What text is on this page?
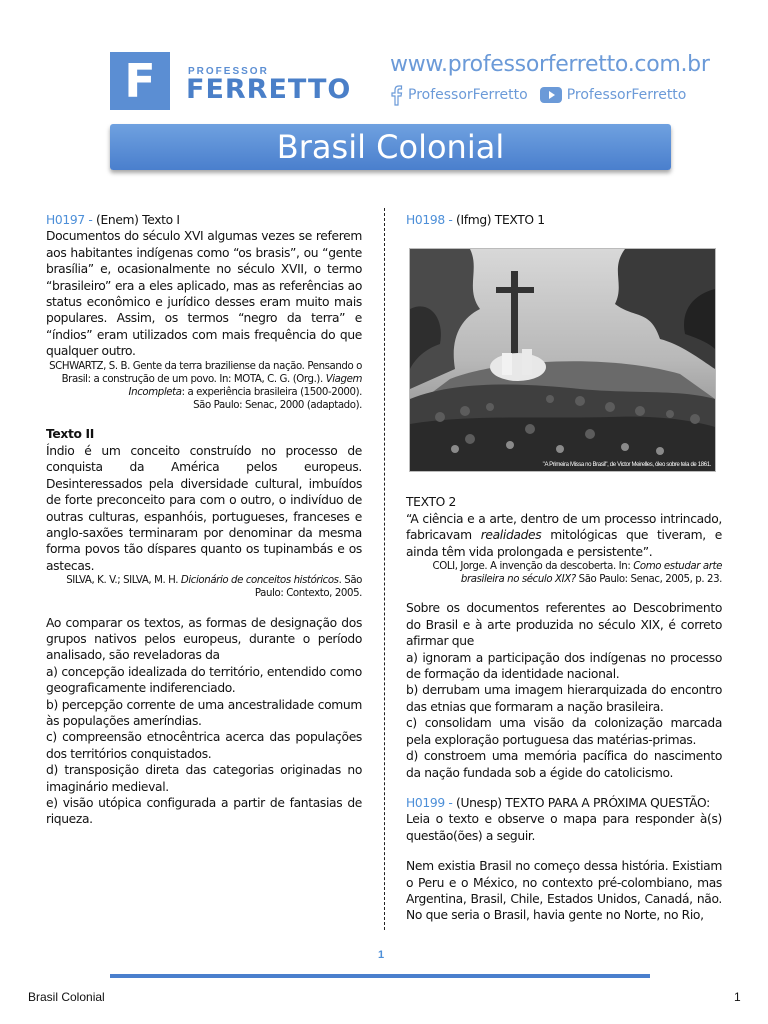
F	PROFESSOR
FERRETTO
www.professorferretto.com.br
ProfessorFerretto	ProfessorFerretto
Brasil Colonial

H0197 - (Enem) Texto I

Documentos do século XVI algumas vezes se referem aos habitantes indígenas como “os brasis”, ou “gente brasília” e, ocasionalmente no século XVII, o termo “brasileiro” era a eles aplicado, mas as referências ao status econômico e jurídico desses eram muito mais populares. Assim, os termos “negro da terra” e “índios” eram utilizados com mais frequência do que qualquer outro.

SCHWARTZ, S. B. Gente da terra braziliense da nação. Pensando o Brasil: a construção de um povo. In: MOTA, C. G. (Org.). Viagem Incompleta: a experiência brasileira (1500-2000).
São Paulo: Senac, 2000 (adaptado).

Texto II

Índio é um conceito construído no processo de conquista da América pelos europeus. Desinteressados pela diversidade cultural, imbuídos de forte preconceito para com o outro, o indivíduo de outras culturas, espanhóis, portugueses, franceses e anglo-saxões terminaram por denominar da mesma forma povos tão díspares quanto os tupinambás e os astecas.

SILVA, K. V.; SILVA, M. H. Dicionário de conceitos históricos. São Paulo: Contexto, 2005.

Ao comparar os textos, as formas de designação dos grupos nativos pelos europeus, durante o período analisado, são reveladoras da

a) concepção idealizada do território, entendido como geograficamente indiferenciado.

b) percepção corrente de uma ancestralidade comum às populações ameríndias.

c) compreensão etnocêntrica acerca das populações dos territórios conquistados.

d) transposição direta das categorias originadas no imaginário medieval.

e) visão utópica configurada a partir de fantasias de riqueza.

H0198 - (Ifmg) TEXTO 1

"A Primeira Missa no Brasil", de Victor Meirelles, óleo sobre tela de 1861.

TEXTO 2

“A ciência e a arte, dentro de um processo intrincado, fabricavam realidades mitológicas que tiveram, e ainda têm vida prolongada e persistente”.

COLI, Jorge. A invenção da descoberta. In: Como estudar arte brasileira no século XIX? São Paulo: Senac, 2005, p. 23.

Sobre os documentos referentes ao Descobrimento do Brasil e à arte produzida no século XIX, é correto afirmar que

a) ignoram a participação dos indígenas no processo de formação da identidade nacional.

b) derrubam uma imagem hierarquizada do encontro das etnias que formaram a nação brasileira.

c) consolidam uma visão da colonização marcada pela exploração portuguesa das matérias-primas.

d) constroem uma memória pacífica do nascimento da nação fundada sob a égide do catolicismo.

H0199 - (Unesp) TEXTO PARA A PRÓXIMA QUESTÃO:

Leia o texto e observe o mapa para responder à(s) questão(ões) a seguir.

Nem existia Brasil no começo dessa história. Existiam o Peru e o México, no contexto pré-colombiano, mas Argentina, Brasil, Chile, Estados Unidos, Canadá, não. No que seria o Brasil, havia gente no Norte, no Rio,

1
Brasil Colonial	1
